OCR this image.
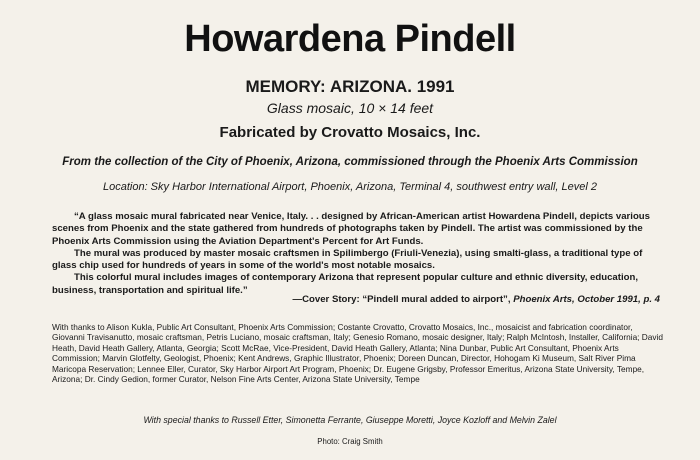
Howardena Pindell
MEMORY: ARIZONA. 1991
Glass mosaic, 10 × 14 feet
Fabricated by Crovatto Mosaics, Inc.
From the collection of the City of Phoenix, Arizona, commissioned through the Phoenix Arts Commission
Location: Sky Harbor International Airport, Phoenix, Arizona, Terminal 4, southwest entry wall, Level 2

“A glass mosaic mural fabricated near Venice, Italy. . . designed by African-American artist Howardena Pindell, depicts various scenes from Phoenix and the state gathered from hundreds of photographs taken by Pindell. The artist was commissioned by the Phoenix Arts Commission using the Aviation Department's Percent for Art Funds.

The mural was produced by master mosaic craftsmen in Spilimbergo (Friuli-Venezia), using smalti-glass, a traditional type of glass chip used for hundreds of years in some of the world's most notable mosaics.

This colorful mural includes images of contemporary Arizona that represent popular culture and ethnic diversity, education, business, transportation and spiritual life.”

—Cover Story: “Pindell mural added to airport”, Phoenix Arts, October 1991, p. 4
With thanks to Alison Kukla, Public Art Consultant, Phoenix Arts Commission; Costante Crovatto, Crovatto Mosaics, Inc., mosaicist and fabrication coordinator, Giovanni Travisanutto, mosaic craftsman, Petris Luciano, mosaic craftsman, Italy; Genesio Romano, mosaic designer, Italy; Ralph McIntosh, Installer, California; David Heath, David Heath Gallery, Atlanta, Georgia; Scott McRae, Vice-President, David Heath Gallery, Atlanta; Nina Dunbar, Public Art Consultant, Phoenix Arts Commission; Marvin Glotfelty, Geologist, Phoenix; Kent Andrews, Graphic Illustrator, Phoenix; Doreen Duncan, Director, Hohogam Ki Museum, Salt River Pima Maricopa Reservation; Lennee Eller, Curator, Sky Harbor Airport Art Program, Phoenix; Dr. Eugene Grigsby, Professor Emeritus, Arizona State University, Tempe, Arizona; Dr. Cindy Gedion, former Curator, Nelson Fine Arts Center, Arizona State University, Tempe
With special thanks to Russell Etter, Simonetta Ferrante, Giuseppe Moretti, Joyce Kozloff and Melvin Zalel
Photo: Craig Smith
